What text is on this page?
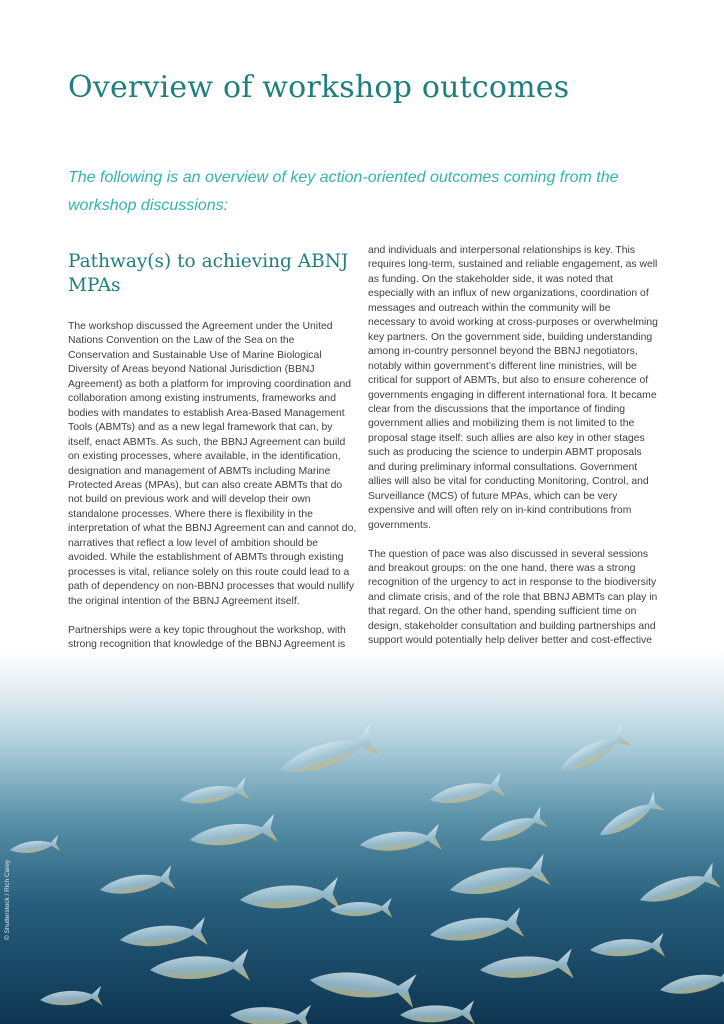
Overview of workshop outcomes

The following is an overview of key action-oriented outcomes coming from the workshop discussions:

Pathway(s) to achieving ABNJ MPAs

The workshop discussed the Agreement under the United Nations Convention on the Law of the Sea on the Conservation and Sustainable Use of Marine Biological Diversity of Areas beyond National Jurisdiction (BBNJ Agreement) as both a platform for improving coordination and collaboration among existing instruments, frameworks and bodies with mandates to establish Area-Based Management Tools (ABMTs) and as a new legal framework that can, by itself, enact ABMTs. As such, the BBNJ Agreement can build on existing processes, where available, in the identification, designation and management of ABMTs including Marine Protected Areas (MPAs), but can also create ABMTs that do not build on previous work and will develop their own standalone processes. Where there is flexibility in the interpretation of what the BBNJ Agreement can and cannot do, narratives that reflect a low level of ambition should be avoided. While the establishment of ABMTs through existing processes is vital, reliance solely on this route could lead to a path of dependency on non-BBNJ processes that would nullify the original intention of the BBNJ Agreement itself.

Partnerships were a key topic throughout the workshop, with strong recognition that knowledge of the BBNJ Agreement is

and individuals and interpersonal relationships is key. This requires long-term, sustained and reliable engagement, as well as funding. On the stakeholder side, it was noted that especially with an influx of new organizations, coordination of messages and outreach within the community will be necessary to avoid working at cross-purposes or overwhelming key partners. On the government side, building understanding among in-country personnel beyond the BBNJ negotiators, notably within government’s different line ministries, will be critical for support of ABMTs, but also to ensure coherence of governments engaging in different international fora. It became clear from the discussions that the importance of finding government allies and mobilizing them is not limited to the proposal stage itself: such allies are also key in other stages such as producing the science to underpin ABMT proposals and during preliminary informal consultations. Government allies will also be vital for conducting Monitoring, Control, and Surveillance (MCS) of future MPAs, which can be very expensive and will often rely on in-kind contributions from governments.

The question of pace was also discussed in several sessions and breakout groups: on the one hand, there was a strong recognition of the urgency to act in response to the biodiversity and climate crisis, and of the role that BBNJ ABMTs can play in that regard. On the other hand, spending sufficient time on design, stakeholder consultation and building partnerships and support would potentially help deliver better and cost-effective

© Shutterstock / Rich Carey
